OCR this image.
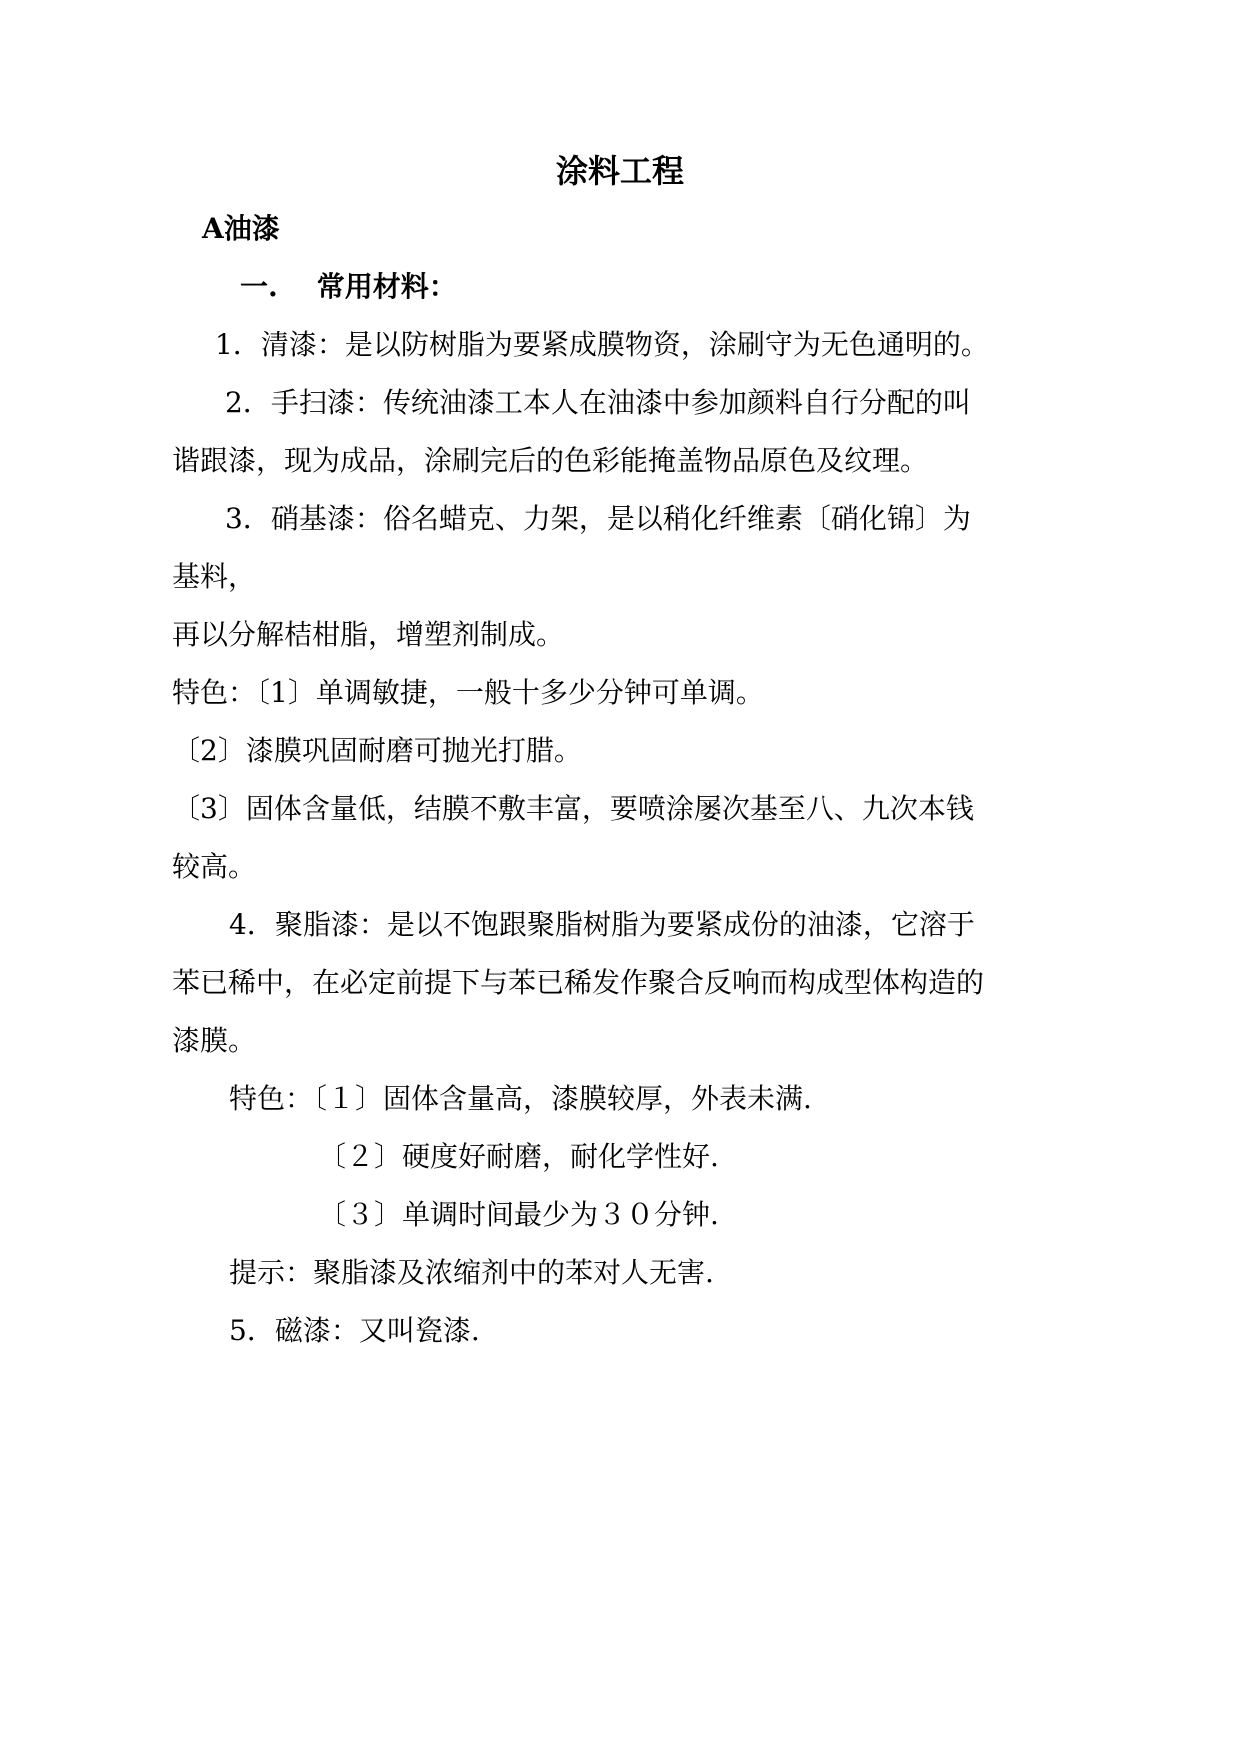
涂料工程
A油漆
一.    常用材料：
1．清漆：是以防树脂为要紧成膜物资，涂刷守为无色通明的。
2．手扫漆：传统油漆工本人在油漆中参加颜料自行分配的叫
谐跟漆，现为成品，涂刷完后的色彩能掩盖物品原色及纹理。
3．硝基漆：俗名蜡克、力架，是以稍化纤维素〔硝化锦〕为
基料，
再以分解桔柑脂，增塑剂制成。
特色：〔1〕单调敏捷，一般十多少分钟可单调。
〔2〕漆膜巩固耐磨可抛光打腊。
〔3〕固体含量低，结膜不敷丰富，要喷涂屡次基至八、九次本钱
较高。
4．聚脂漆：是以不饱跟聚脂树脂为要紧成份的油漆，它溶于
苯已稀中，在必定前提下与苯已稀发作聚合反响而构成型体构造的
漆膜。
特色：〔１〕固体含量高，漆膜较厚，外表未满.
〔２〕硬度好耐磨，耐化学性好.
〔３〕单调时间最少为３０分钟.
提示：聚脂漆及浓缩剂中的苯对人无害.
5．磁漆：又叫瓷漆.
